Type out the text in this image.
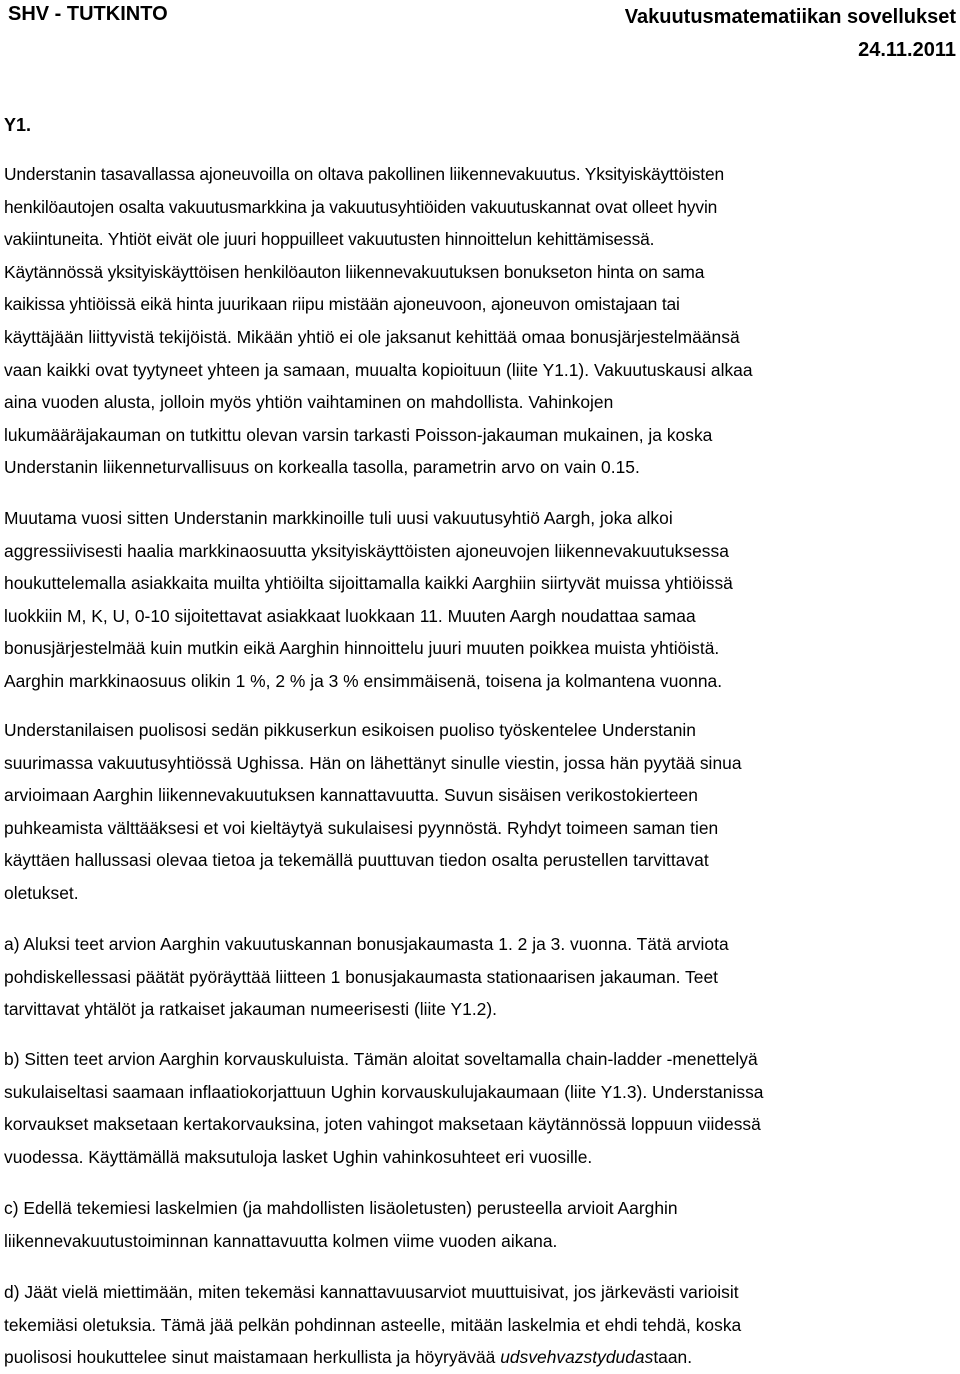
SHV - TUTKINTO	Vakuutusmatematiikan sovellukset
24.11.2011
Y1.

Understanin tasavallassa ajoneuvoilla on oltava pakollinen liikennevakuutus. Yksityiskäyttöisten
henkilöautojen osalta vakuutusmarkkina ja vakuutusyhtiöiden vakuutuskannat ovat olleet hyvin
vakiintuneita. Yhtiöt eivät ole juuri hoppuilleet vakuutusten hinnoittelun kehittämisessä.
Käytännössä yksityiskäyttöisen henkilöauton liikennevakuutuksen bonukseton hinta on sama
kaikissa yhtiöissä eikä hinta juurikaan riipu mistään ajoneuvoon, ajoneuvon omistajaan tai
käyttäjään liittyvistä tekijöistä. Mikään yhtiö ei ole jaksanut kehittää omaa bonusjärjestelmäänsä
vaan kaikki ovat tyytyneet yhteen ja samaan, muualta kopioituun (liite Y1.1). Vakuutuskausi alkaa
aina vuoden alusta, jolloin myös yhtiön vaihtaminen on mahdollista. Vahinkojen
lukumääräjakauman on tutkittu olevan varsin tarkasti Poisson-jakauman mukainen, ja koska
Understanin liikenneturvallisuus on korkealla tasolla, parametrin arvo on vain 0.15.

Muutama vuosi sitten Understanin markkinoille tuli uusi vakuutusyhtiö Aargh, joka alkoi
aggressiivisesti haalia markkinaosuutta yksityiskäyttöisten ajoneuvojen liikennevakuutuksessa
houkuttelemalla asiakkaita muilta yhtiöilta sijoittamalla kaikki Aarghiin siirtyvät muissa yhtiöissä
luokkiin M, K, U, 0-10 sijoitettavat asiakkaat luokkaan 11. Muuten Aargh noudattaa samaa
bonusjärjestelmää kuin mutkin eikä Aarghin hinnoittelu juuri muuten poikkea muista yhtiöistä.
Aarghin markkinaosuus olikin 1 %, 2 % ja 3 % ensimmäisenä, toisena ja kolmantena vuonna.

Understanilaisen puolisosi sedän pikkuserkun esikoisen puoliso työskentelee Understanin
suurimassa vakuutusyhtiössä Ughissa. Hän on lähettänyt sinulle viestin, jossa hän pyytää sinua
arvioimaan Aarghin liikennevakuutuksen kannattavuutta. Suvun sisäisen verikostokierteen
puhkeamista välttääksesi et voi kieltäytyä sukulaisesi pyynnöstä. Ryhdyt toimeen saman tien
käyttäen hallussasi olevaa tietoa ja tekemällä puuttuvan tiedon osalta perustellen tarvittavat
oletukset.

a) Aluksi teet arvion Aarghin vakuutuskannan bonusjakaumasta 1. 2 ja 3. vuonna. Tätä arviota
pohdiskellessasi päätät pyöräyttää liitteen 1 bonusjakaumasta stationaarisen jakauman. Teet
tarvittavat yhtälöt ja ratkaiset jakauman numeerisesti (liite Y1.2).

b) Sitten teet arvion Aarghin korvauskuluista. Tämän aloitat soveltamalla chain-ladder -menettelyä
sukulaiseltasi saamaan inflaatiokorjattuun Ughin korvauskulujakaumaan (liite Y1.3). Understanissa
korvaukset maksetaan kertakorvauksina, joten vahingot maksetaan käytännössä loppuun viidessä
vuodessa. Käyttämällä maksutuloja lasket Ughin vahinkosuhteet eri vuosille.

c) Edellä tekemiesi laskelmien (ja mahdollisten lisäoletusten) perusteella arvioit Aarghin
liikennevakuutustoiminnan kannattavuutta kolmen viime vuoden aikana.

d) Jäät vielä miettimään, miten tekemäsi kannattavuusarviot muuttuisivat, jos järkevästi varioisit
tekemiäsi oletuksia. Tämä jää pelkän pohdinnan asteelle, mitään laskelmia et ehdi tehdä, koska
puolisosi houkuttelee sinut maistamaan herkullista ja höyryävää udsvehvazstydudastaan.
